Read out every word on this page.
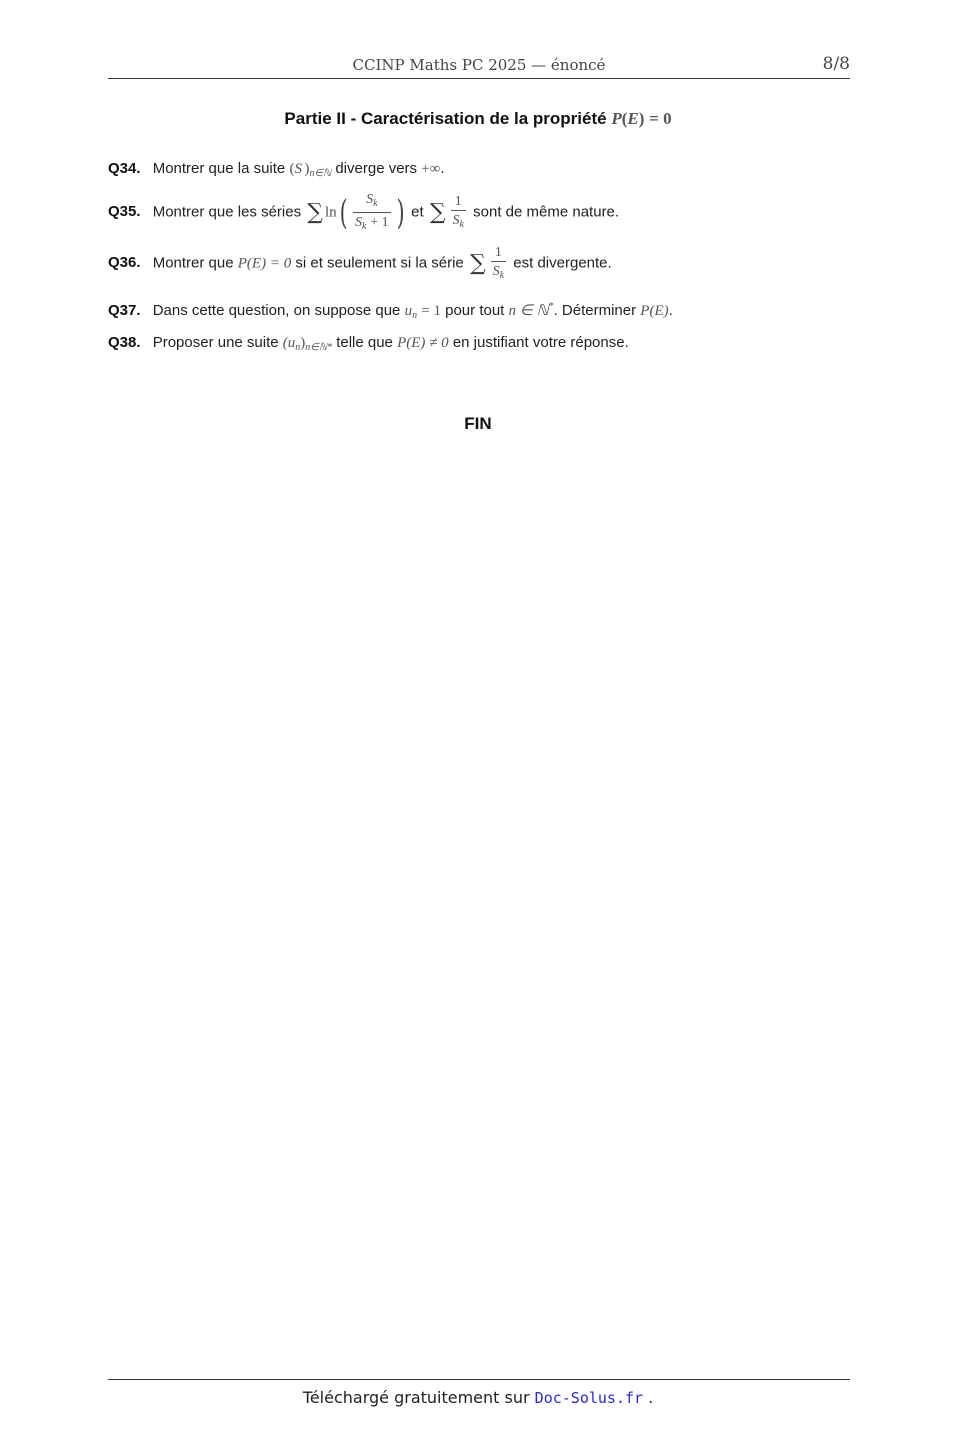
CCINP Maths PC 2025 — énoncé	8/8
Partie II - Caractérisation de la propriété P(E) = 0
Q34. Montrer que la suite (S )$_{n\in ℕ}$ diverge vers +∞.
Q35. Montrer que les séries ∑ $\ln( \frac{S_k}{S_k + 1}$ ) et ∑ $\frac{1}{S_k}$ sont de même nature.
Q36. Montrer que P(E) = 0 si et seulement si la série ∑ $\frac{1}{S_k}$ est divergente.
Q37. Dans cette question, on suppose que $u_n = 1$ pour tout n ∈ ℕ*. Déterminer P(E).
Q38. Proposer une suite $(u_n)_{n\in ℕ*}$ telle que P(E) ≠ 0 en justifiant votre réponse.
FIN
Téléchargé gratuitement sur Doc-Solus.fr .
